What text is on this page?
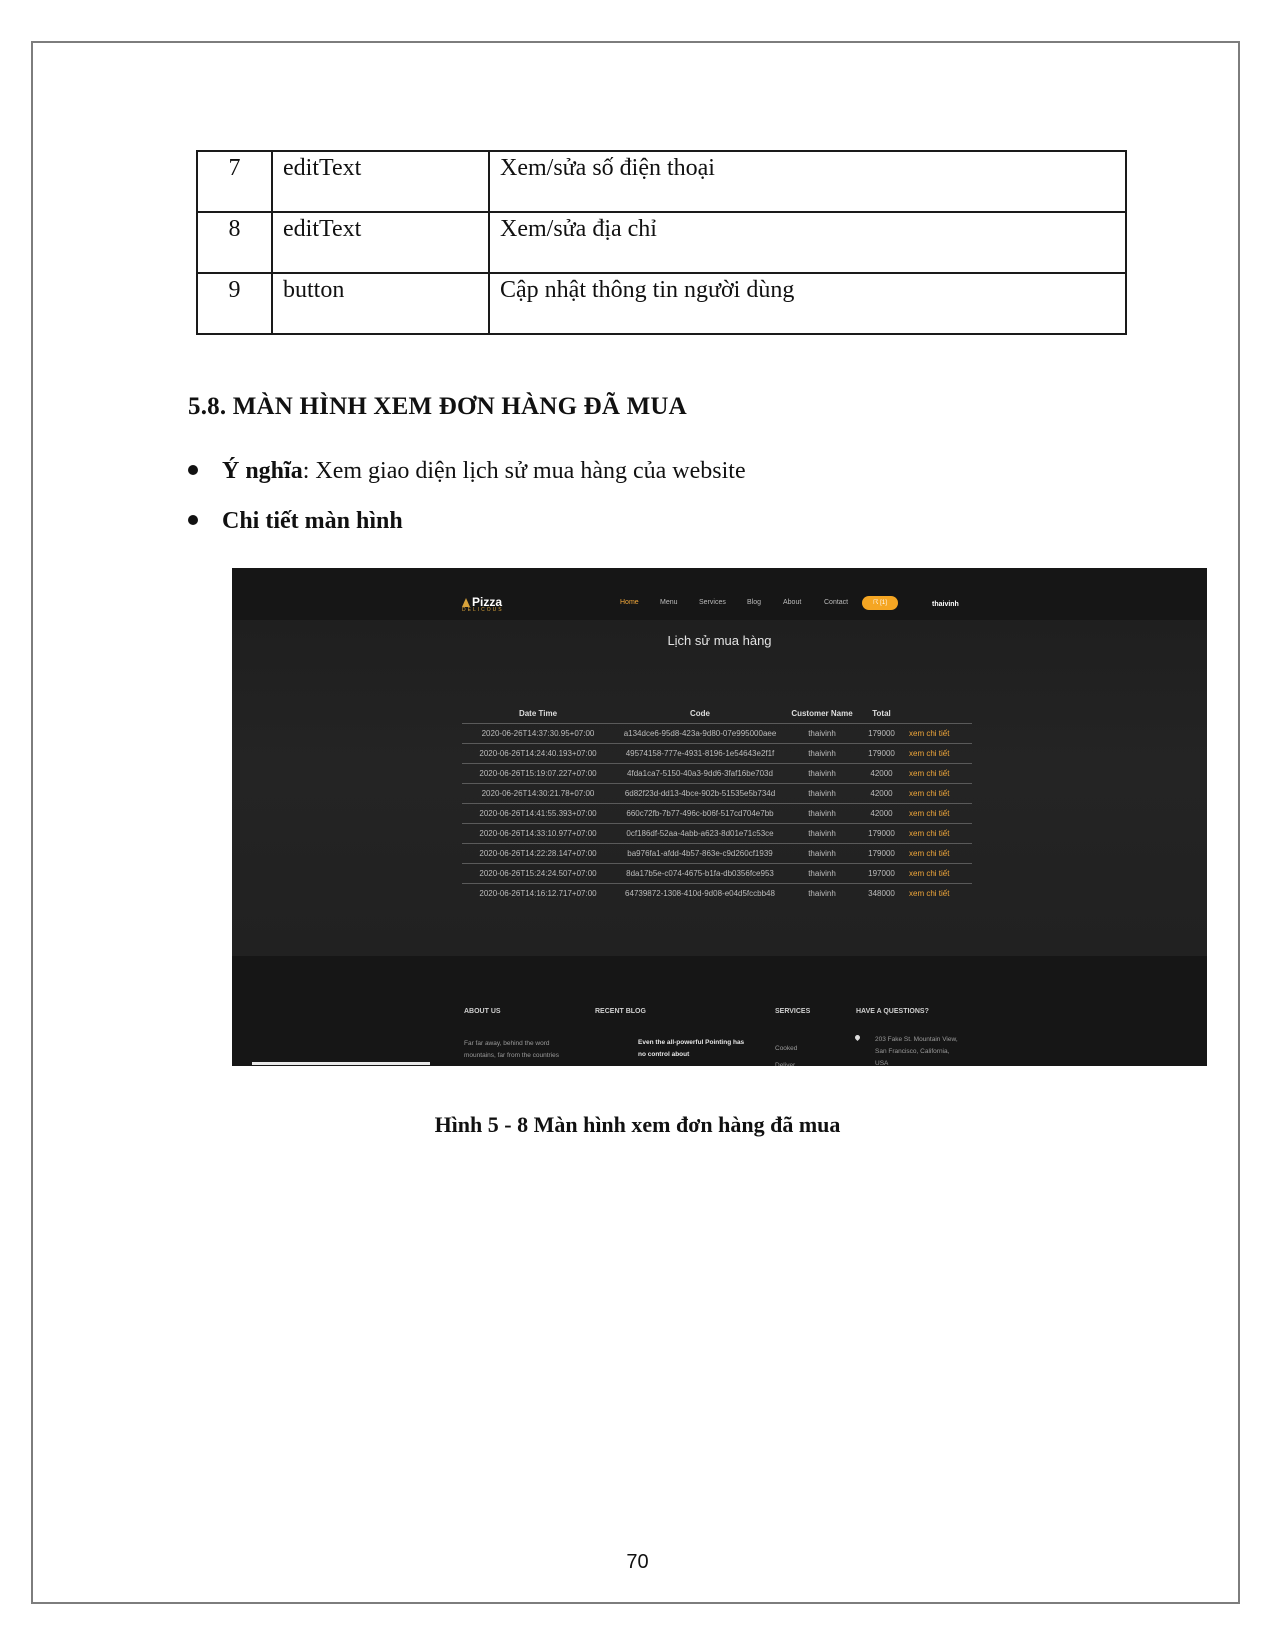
7	editText	Xem/sửa số điện thoại
8	editText	Xem/sửa địa chỉ
9	button	Cập nhật thông tin người dùng
5.8. MÀN HÌNH XEM ĐƠN HÀNG ĐÃ MUA
Ý nghĩa: Xem giao diện lịch sử mua hàng của website
Chi tiết màn hình
Pizza
DELICOUS
Home	Menu	Services	Blog	About	Contact	☈ [1]	thaivinh
Lịch sử mua hàng
Date Time	Code	Customer Name	Total	
2020-06-26T14:37:30.95+07:00	a134dce6-95d8-423a-9d80-07e995000aee	thaivinh	179000	xem chi tiết
2020-06-26T14:24:40.193+07:00	49574158-777e-4931-8196-1e54643e2f1f	thaivinh	179000	xem chi tiết
2020-06-26T15:19:07.227+07:00	4fda1ca7-5150-40a3-9dd6-3faf16be703d	thaivinh	42000	xem chi tiết
2020-06-26T14:30:21.78+07:00	6d82f23d-dd13-4bce-902b-51535e5b734d	thaivinh	42000	xem chi tiết
2020-06-26T14:41:55.393+07:00	660c72fb-7b77-496c-b06f-517cd704e7bb	thaivinh	42000	xem chi tiết
2020-06-26T14:33:10.977+07:00	0cf186df-52aa-4abb-a623-8d01e71c53ce	thaivinh	179000	xem chi tiết
2020-06-26T14:22:28.147+07:00	ba976fa1-afdd-4b57-863e-c9d260cf1939	thaivinh	179000	xem chi tiết
2020-06-26T15:24:24.507+07:00	8da17b5e-c074-4675-b1fa-db0356fce953	thaivinh	197000	xem chi tiết
2020-06-26T14:16:12.717+07:00	64739872-1308-410d-9d08-e04d5fccbb48	thaivinh	348000	xem chi tiết
ABOUT US
Far far away, behind the word
mountains, far from the countries
RECENT BLOG
Even the all-powerful Pointing has
no control about
SERVICES
Cooked
Deliver
HAVE A QUESTIONS?
203 Fake St. Mountain View,
San Francisco, California,
USA
Hình 5 - 8 Màn hình xem đơn hàng đã mua
70
